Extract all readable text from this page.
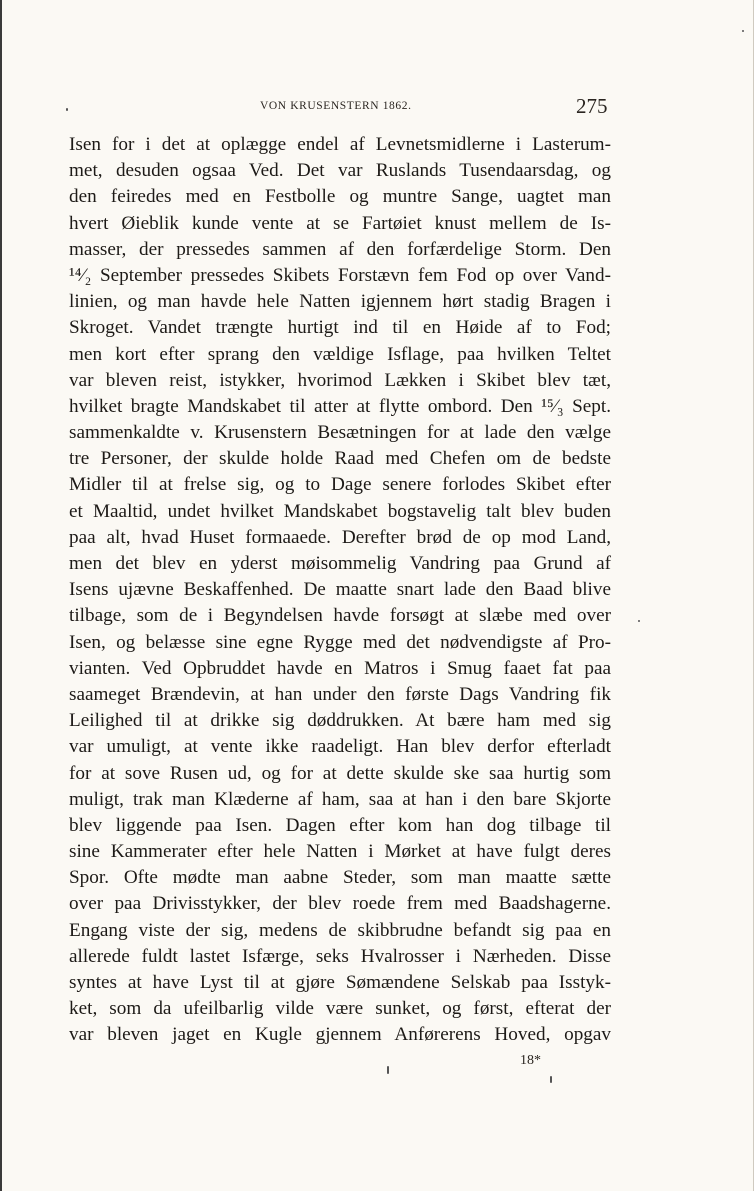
VON KRUSENSTERN 1862.	275
Isen for i det at oplægge endel af Levnetsmidlerne i Lasterum-
met, desuden ogsaa Ved. Det var Ruslands Tusendaarsdag, og
den feiredes med en Festbolle og muntre Sange, uagtet man
hvert Øieblik kunde vente at se Fartøiet knust mellem de Is-
masser, der pressedes sammen af den forfærdelige Storm. Den
¹⁴⁄₂ September pressedes Skibets Forstævn fem Fod op over Vand-
linien, og man havde hele Natten igjennem hørt stadig Bragen i
Skroget. Vandet trængte hurtigt ind til en Høide af to Fod;
men kort efter sprang den vældige Isflage, paa hvilken Teltet
var bleven reist, istykker, hvorimod Lækken i Skibet blev tæt,
hvilket bragte Mandskabet til atter at flytte ombord. Den ¹⁵⁄₃ Sept.
sammenkaldte v. Krusenstern Besætningen for at lade den vælge
tre Personer, der skulde holde Raad med Chefen om de bedste
Midler til at frelse sig, og to Dage senere forlodes Skibet efter
et Maaltid, undet hvilket Mandskabet bogstavelig talt blev buden
paa alt, hvad Huset formaaede. Derefter brød de op mod Land,
men det blev en yderst møisommelig Vandring paa Grund af
Isens ujævne Beskaffenhed. De maatte snart lade den Baad blive
tilbage, som de i Begyndelsen havde forsøgt at slæbe med over
Isen, og belæsse sine egne Rygge med det nødvendigste af Pro-
vianten. Ved Opbruddet havde en Matros i Smug faaet fat paa
saameget Brændevin, at han under den første Dags Vandring fik
Leilighed til at drikke sig døddrukken. At bære ham med sig
var umuligt, at vente ikke raadeligt. Han blev derfor efterladt
for at sove Rusen ud, og for at dette skulde ske saa hurtig som
muligt, trak man Klæderne af ham, saa at han i den bare Skjorte
blev liggende paa Isen. Dagen efter kom han dog tilbage til
sine Kammerater efter hele Natten i Mørket at have fulgt deres
Spor. Ofte mødte man aabne Steder, som man maatte sætte
over paa Drivisstykker, der blev roede frem med Baadshagerne.
Engang viste der sig, medens de skibbrudne befandt sig paa en
allerede fuldt lastet Isfærge, seks Hvalrosser i Nærheden. Disse
syntes at have Lyst til at gjøre Sømændene Selskab paa Isstyk-
ket, som da ufeilbarlig vilde være sunket, og først, efterat der
var bleven jaget en Kugle gjennem Anførerens Hoved, opgav
18*
